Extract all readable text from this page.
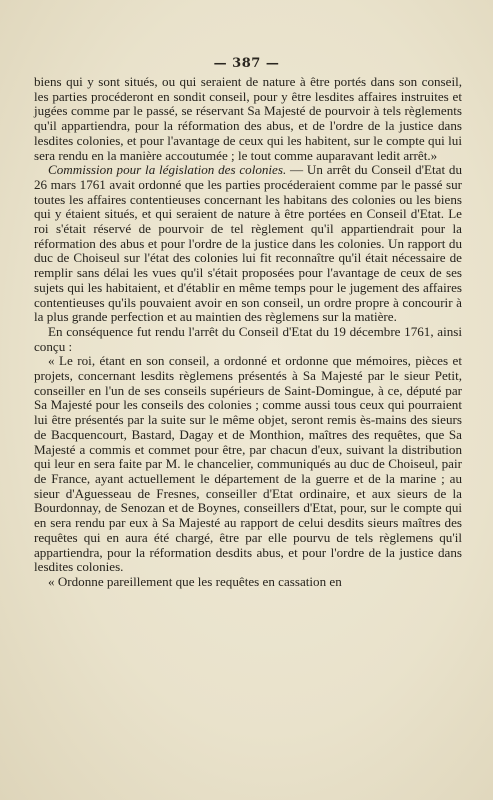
— 387 —

biens qui y sont situés, ou qui seraient de nature à être portés dans son conseil, les parties procéderont en sondit conseil, pour y être lesdites affaires instruites et jugées comme par le passé, se réservant Sa Majesté de pourvoir à tels règlements qu'il appartiendra, pour la réformation des abus, et de l'ordre de la justice dans lesdites colonies, et pour l'avantage de ceux qui les habitent, sur le compte qui lui sera rendu en la manière accoutumée ; le tout comme auparavant ledit arrêt.»

Commission pour la législation des colonies. — Un arrêt du Conseil d'Etat du 26 mars 1761 avait ordonné que les parties procéderaient comme par le passé sur toutes les affaires contentieuses concernant les habitans des colonies ou les biens qui y étaient situés, et qui seraient de nature à être portées en Conseil d'Etat. Le roi s'était réservé de pourvoir de tel règlement qu'il appartiendrait pour la réformation des abus et pour l'ordre de la justice dans les colonies. Un rapport du duc de Choiseul sur l'état des colonies lui fit reconnaître qu'il était nécessaire de remplir sans délai les vues qu'il s'était proposées pour l'avantage de ceux de ses sujets qui les habitaient, et d'établir en même temps pour le jugement des affaires contentieuses qu'ils pouvaient avoir en son conseil, un ordre propre à concourir à la plus grande perfection et au maintien des règlemens sur la matière.

En conséquence fut rendu l'arrêt du Conseil d'Etat du 19 décembre 1761, ainsi conçu :

« Le roi, étant en son conseil, a ordonné et ordonne que mémoires, pièces et projets, concernant lesdits règlemens présentés à Sa Majesté par le sieur Petit, conseiller en l'un de ses conseils supérieurs de Saint-Domingue, à ce, député par Sa Majesté pour les conseils des colonies ; comme aussi tous ceux qui pourraient lui être présentés par la suite sur le même objet, seront remis ès-mains des sieurs de Bacquencourt, Bastard, Dagay et de Monthion, maîtres des requêtes, que Sa Majesté a commis et commet pour être, par chacun d'eux, suivant la distribution qui leur en sera faite par M. le chancelier, communiqués au duc de Choiseul, pair de France, ayant actuellement le département de la guerre et de la marine ; au sieur d'Aguesseau de Fresnes, conseiller d'Etat ordinaire, et aux sieurs de la Bourdonnay, de Senozan et de Boynes, conseillers d'Etat, pour, sur le compte qui en sera rendu par eux à Sa Majesté au rapport de celui desdits sieurs maîtres des requêtes qui en aura été chargé, être par elle pourvu de tels règlemens qu'il appartiendra, pour la réformation desdits abus, et pour l'ordre de la justice dans lesdites colonies.

« Ordonne pareillement que les requêtes en cassation en
